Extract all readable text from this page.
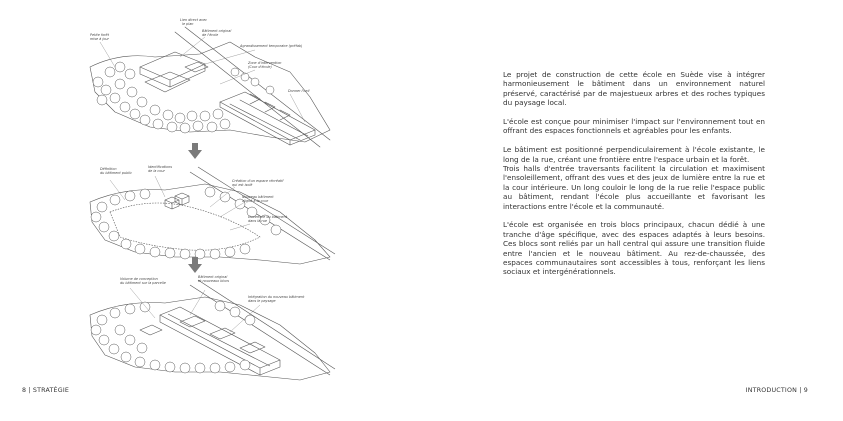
Lien direct avec
le plan
Petite forêt
mise à jour
Bâtiment original
de l'école
Agrandissement temporaire (préfab)
Zone d'intervention
(Cour d'école)
Donner l'oeil
Définition
du bâtiment public
Identifications
de la cour
Création d'un espace récréatif
qui est isolé
Nouveau bâtiment
aligné à la cour
Ouverture du bâtiment
dans la rue
Volume de conception
du bâtiment sur la parcelle
Bâtiment original
et nouveaux blocs
Intégration du nouveau bâtiment
dans le paysage
8 | STRATÉGIE

Le projet de construction de cette école en Suède vise à intégrer harmonieusement le bâtiment dans un environnement naturel préservé, caractérisé par de majestueux arbres et des roches typiques du paysage local.

L'école est conçue pour minimiser l'impact sur l'environnement tout en offrant des espaces fonctionnels et agréables pour les enfants.

Le bâtiment est positionné perpendiculairement à l'école existante, le long de la rue, créant une frontière entre l'espace urbain et la forêt.

Trois halls d'entrée traversants facilitent la circulation et maximisent l'ensoleillement, offrant des vues et des jeux de lumière entre la rue et la cour intérieure. Un long couloir le long de la rue relie l'espace public au bâtiment, rendant l'école plus accueillante et favorisant les interactions entre l'école et la communauté.

L'école est organisée en trois blocs principaux, chacun dédié à une tranche d'âge spécifique, avec des espaces adaptés à leurs besoins. Ces blocs sont reliés par un hall central qui assure une transition fluide entre l'ancien et le nouveau bâtiment. Au rez-de-chaussée, des espaces communautaires sont accessibles à tous, renforçant les liens sociaux et intergénérationnels.

INTRODUCTION | 9
